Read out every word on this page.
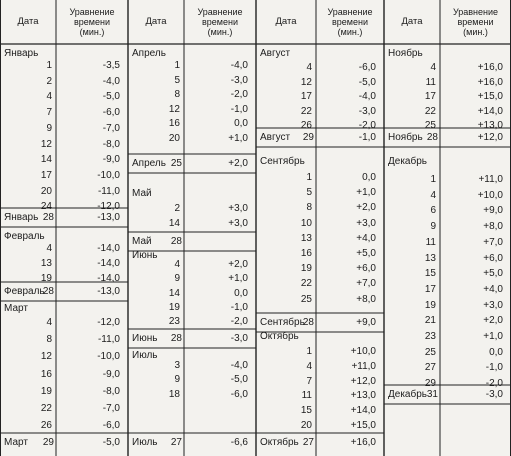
Дата
Уравнение
времени
(мин.)
Дата
Уравнение
времени
(мин.)
Дата
Уравнение
времени
(мин.)
Дата
Уравнение
времени
(мин.)
Январь
1	-3,5
2	-4,0
4	-5,0
7	-6,0
9	-7,0
12	-8,0
14	-9,0
17	-10,0
20	-11,0
24	-12,0
Январь 28	-13,0
Февраль
4	-14,0
13	-14,0
19	-14,0
Февраль
28	-13,0
Март
4	-12,0
8	-11,0
12	-10,0
16	-9,0
19	-8,0
22	-7,0
26	-6,0
Март	29	-5,0
Апрель
1	-4,0
5	-3,0
8	-2,0
12	-1,0
16	0,0
20	+1,0
Апрель 25	+2,0
Май
2	+3,0
14	+3,0
Май	28
Июнь
4	+2,0
9	+1,0
14	0,0
19	-1,0
23	-2,0
Июнь	28	-3,0
Июль
3	-4,0
9	-5,0
18	-6,0
Июль	27	-6,6
Август
4	-6,0
12	-5,0
17	-4,0
22	-3,0
26	-2,0
Август	29	-1,0
Сентябрь
1	0,0
5	+1,0
8	+2,0
10	+3,0
13	+4,0
16	+5,0
19	+6,0
22	+7,0
25	+8,0
Сентябрь
28	+9,0
Октябрь
1	+10,0
4	+11,0
7	+12,0
11	+13,0
15	+14,0
20	+15,0
Октябрь 27	+16,0
Ноябрь
4	+16,0
11	+16,0
17	+15,0
22	+14,0
25	+13,0
Ноябрь 28	+12,0
Декабрь
1	+11,0
4	+10,0
6	+9,0
9	+8,0
11	+7,0
13	+6,0
15	+5,0
17	+4,0
19	+3,0
21	+2,0
23	+1,0
25	0,0
27	-1,0
29	-2,0
Декабрь 31	-3,0
